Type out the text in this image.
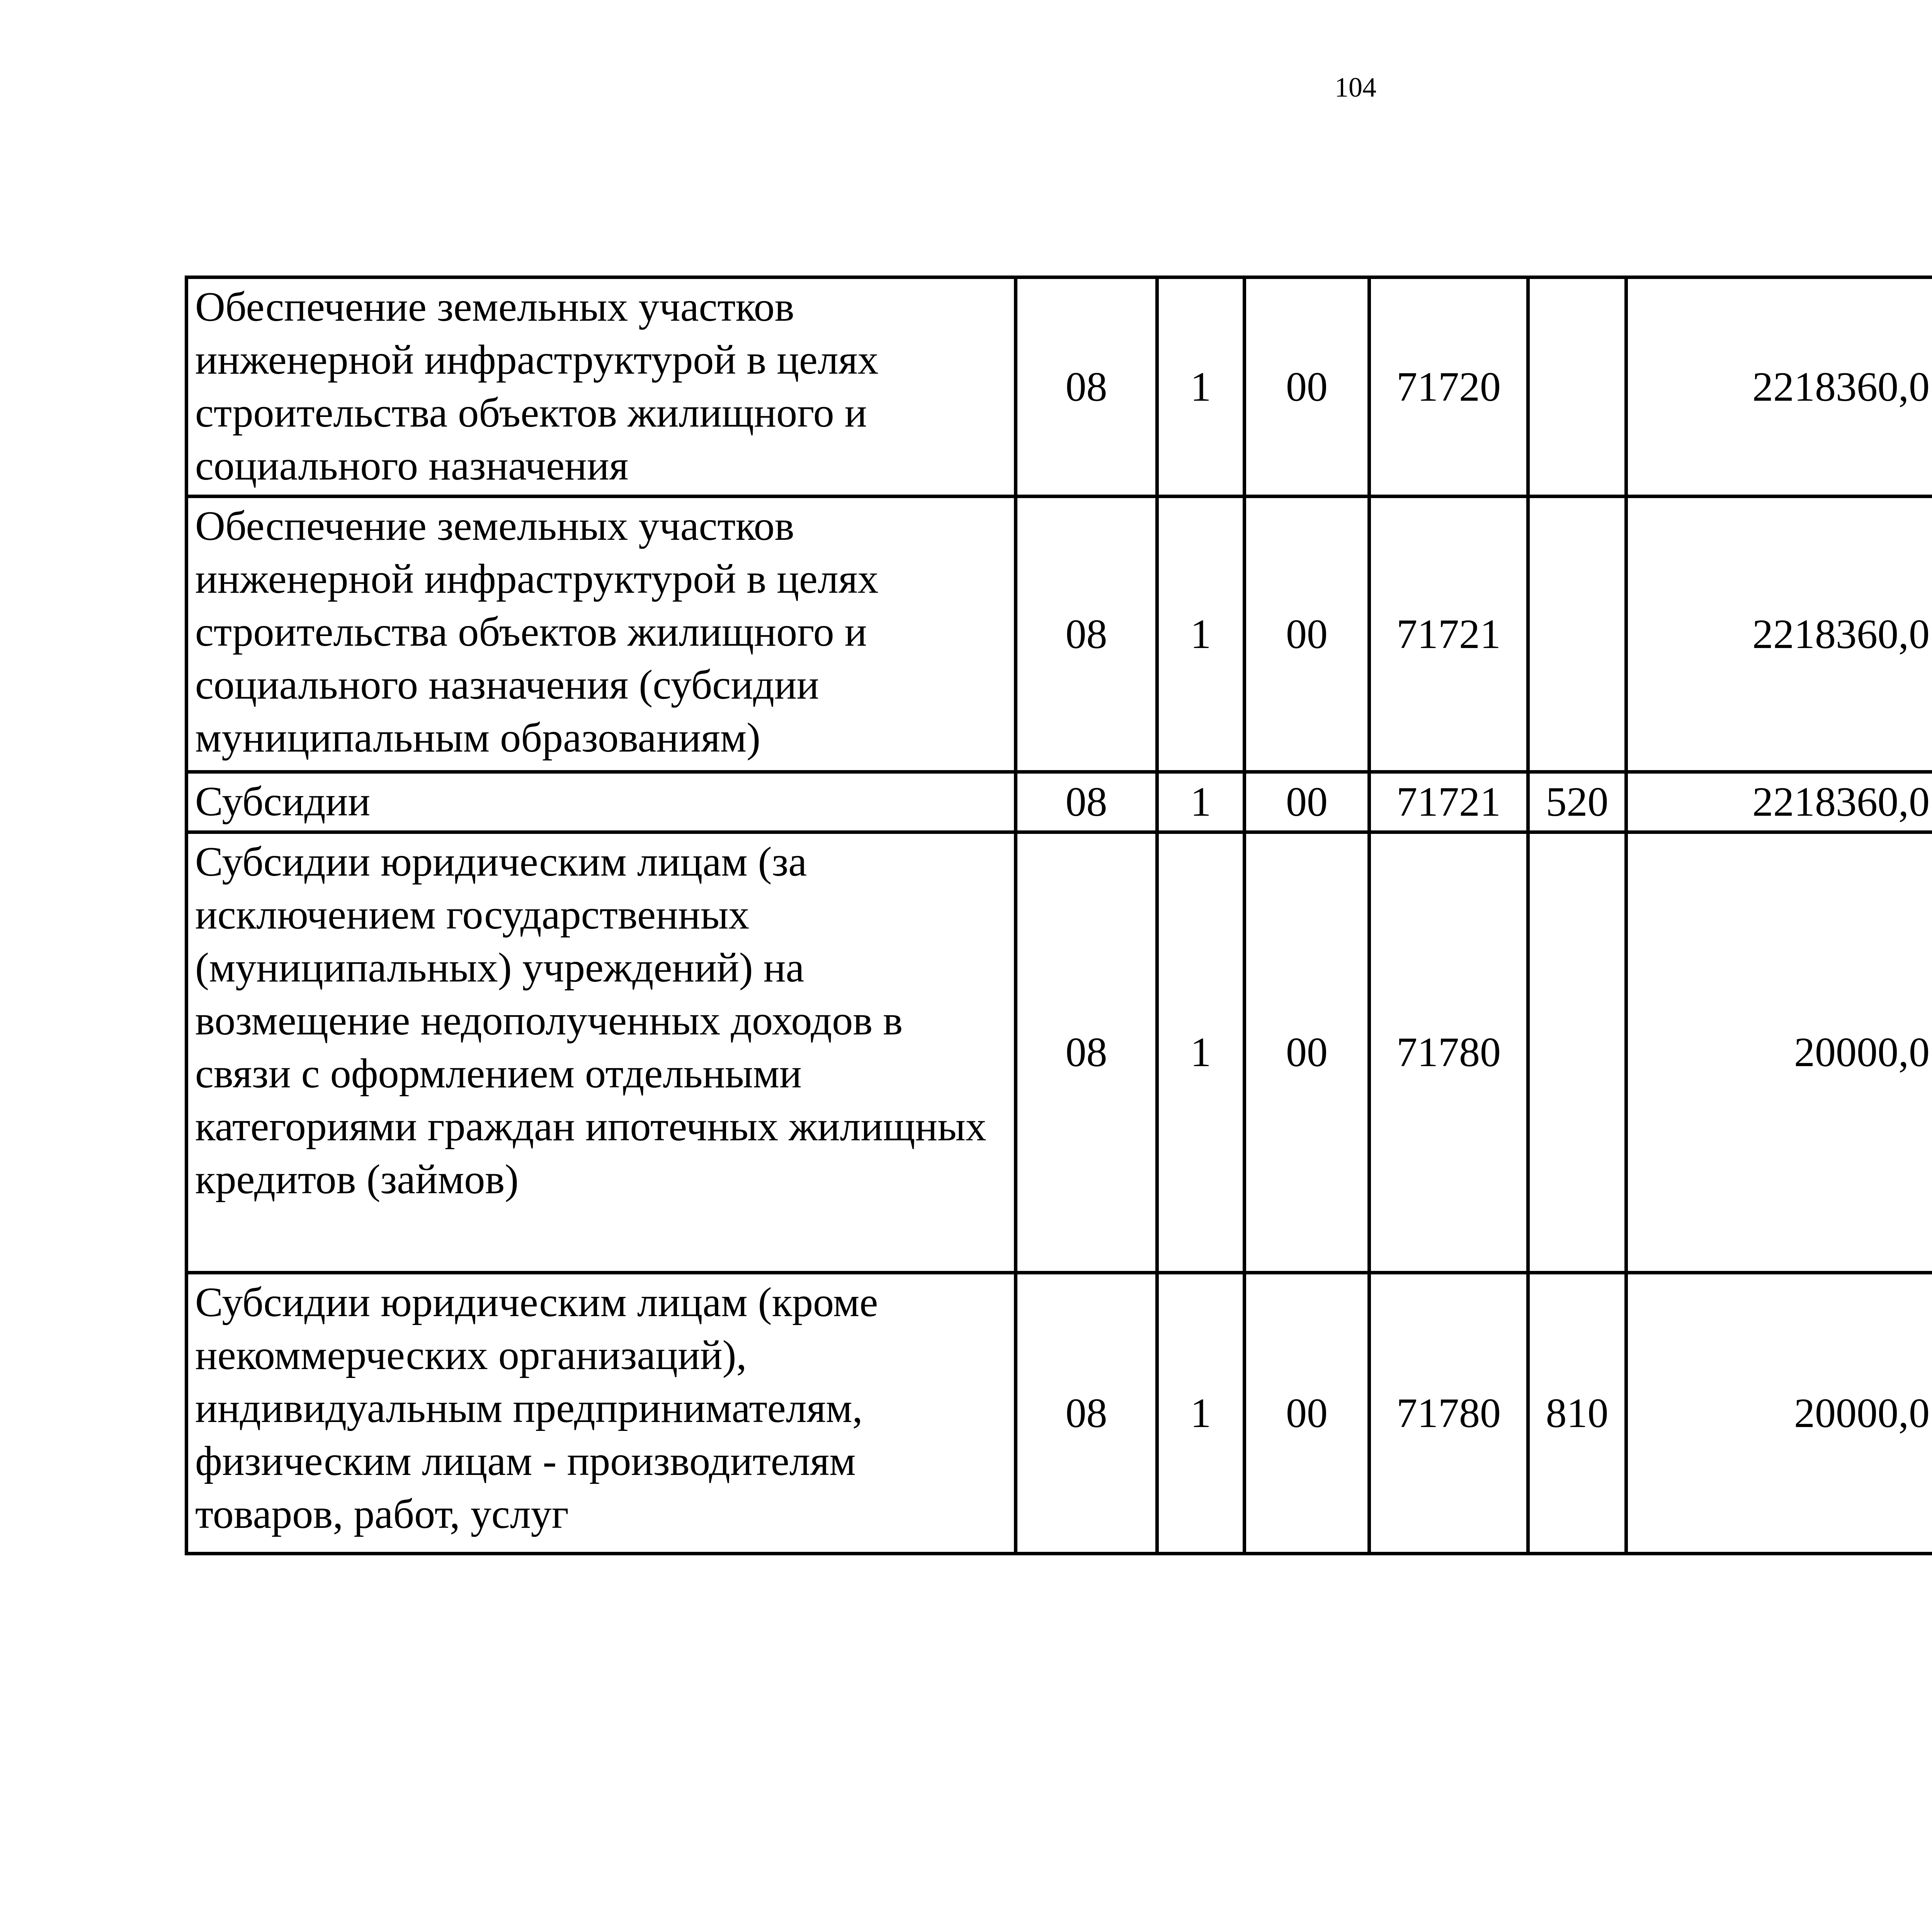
104
Обеспечение земельных участков инженерной инфраструктурой в целях строительства объектов жилищного и социального назначения	08	1	00	71720		2218360,0		
Обеспечение земельных участков инженерной инфраструктурой в целях строительства объектов жилищного и социального назначения (субсидии муниципальным образованиям)	08	1	00	71721		2218360,0		
Субсидии	08	1	00	71721	520	2218360,0		
Субсидии юридическим лицам (за исключением государственных (муниципальных) учреждений) на возмещение недополученных доходов в связи с оформлением отдельными категориями граждан ипотечных жилищных кредитов (займов)	08	1	00	71780		20000,0		
Субсидии юридическим лицам (кроме некоммерческих организаций), индивидуальным предпринимателям, физическим лицам - производителям товаров, работ, услуг	08	1	00	71780	810	20000,0		
